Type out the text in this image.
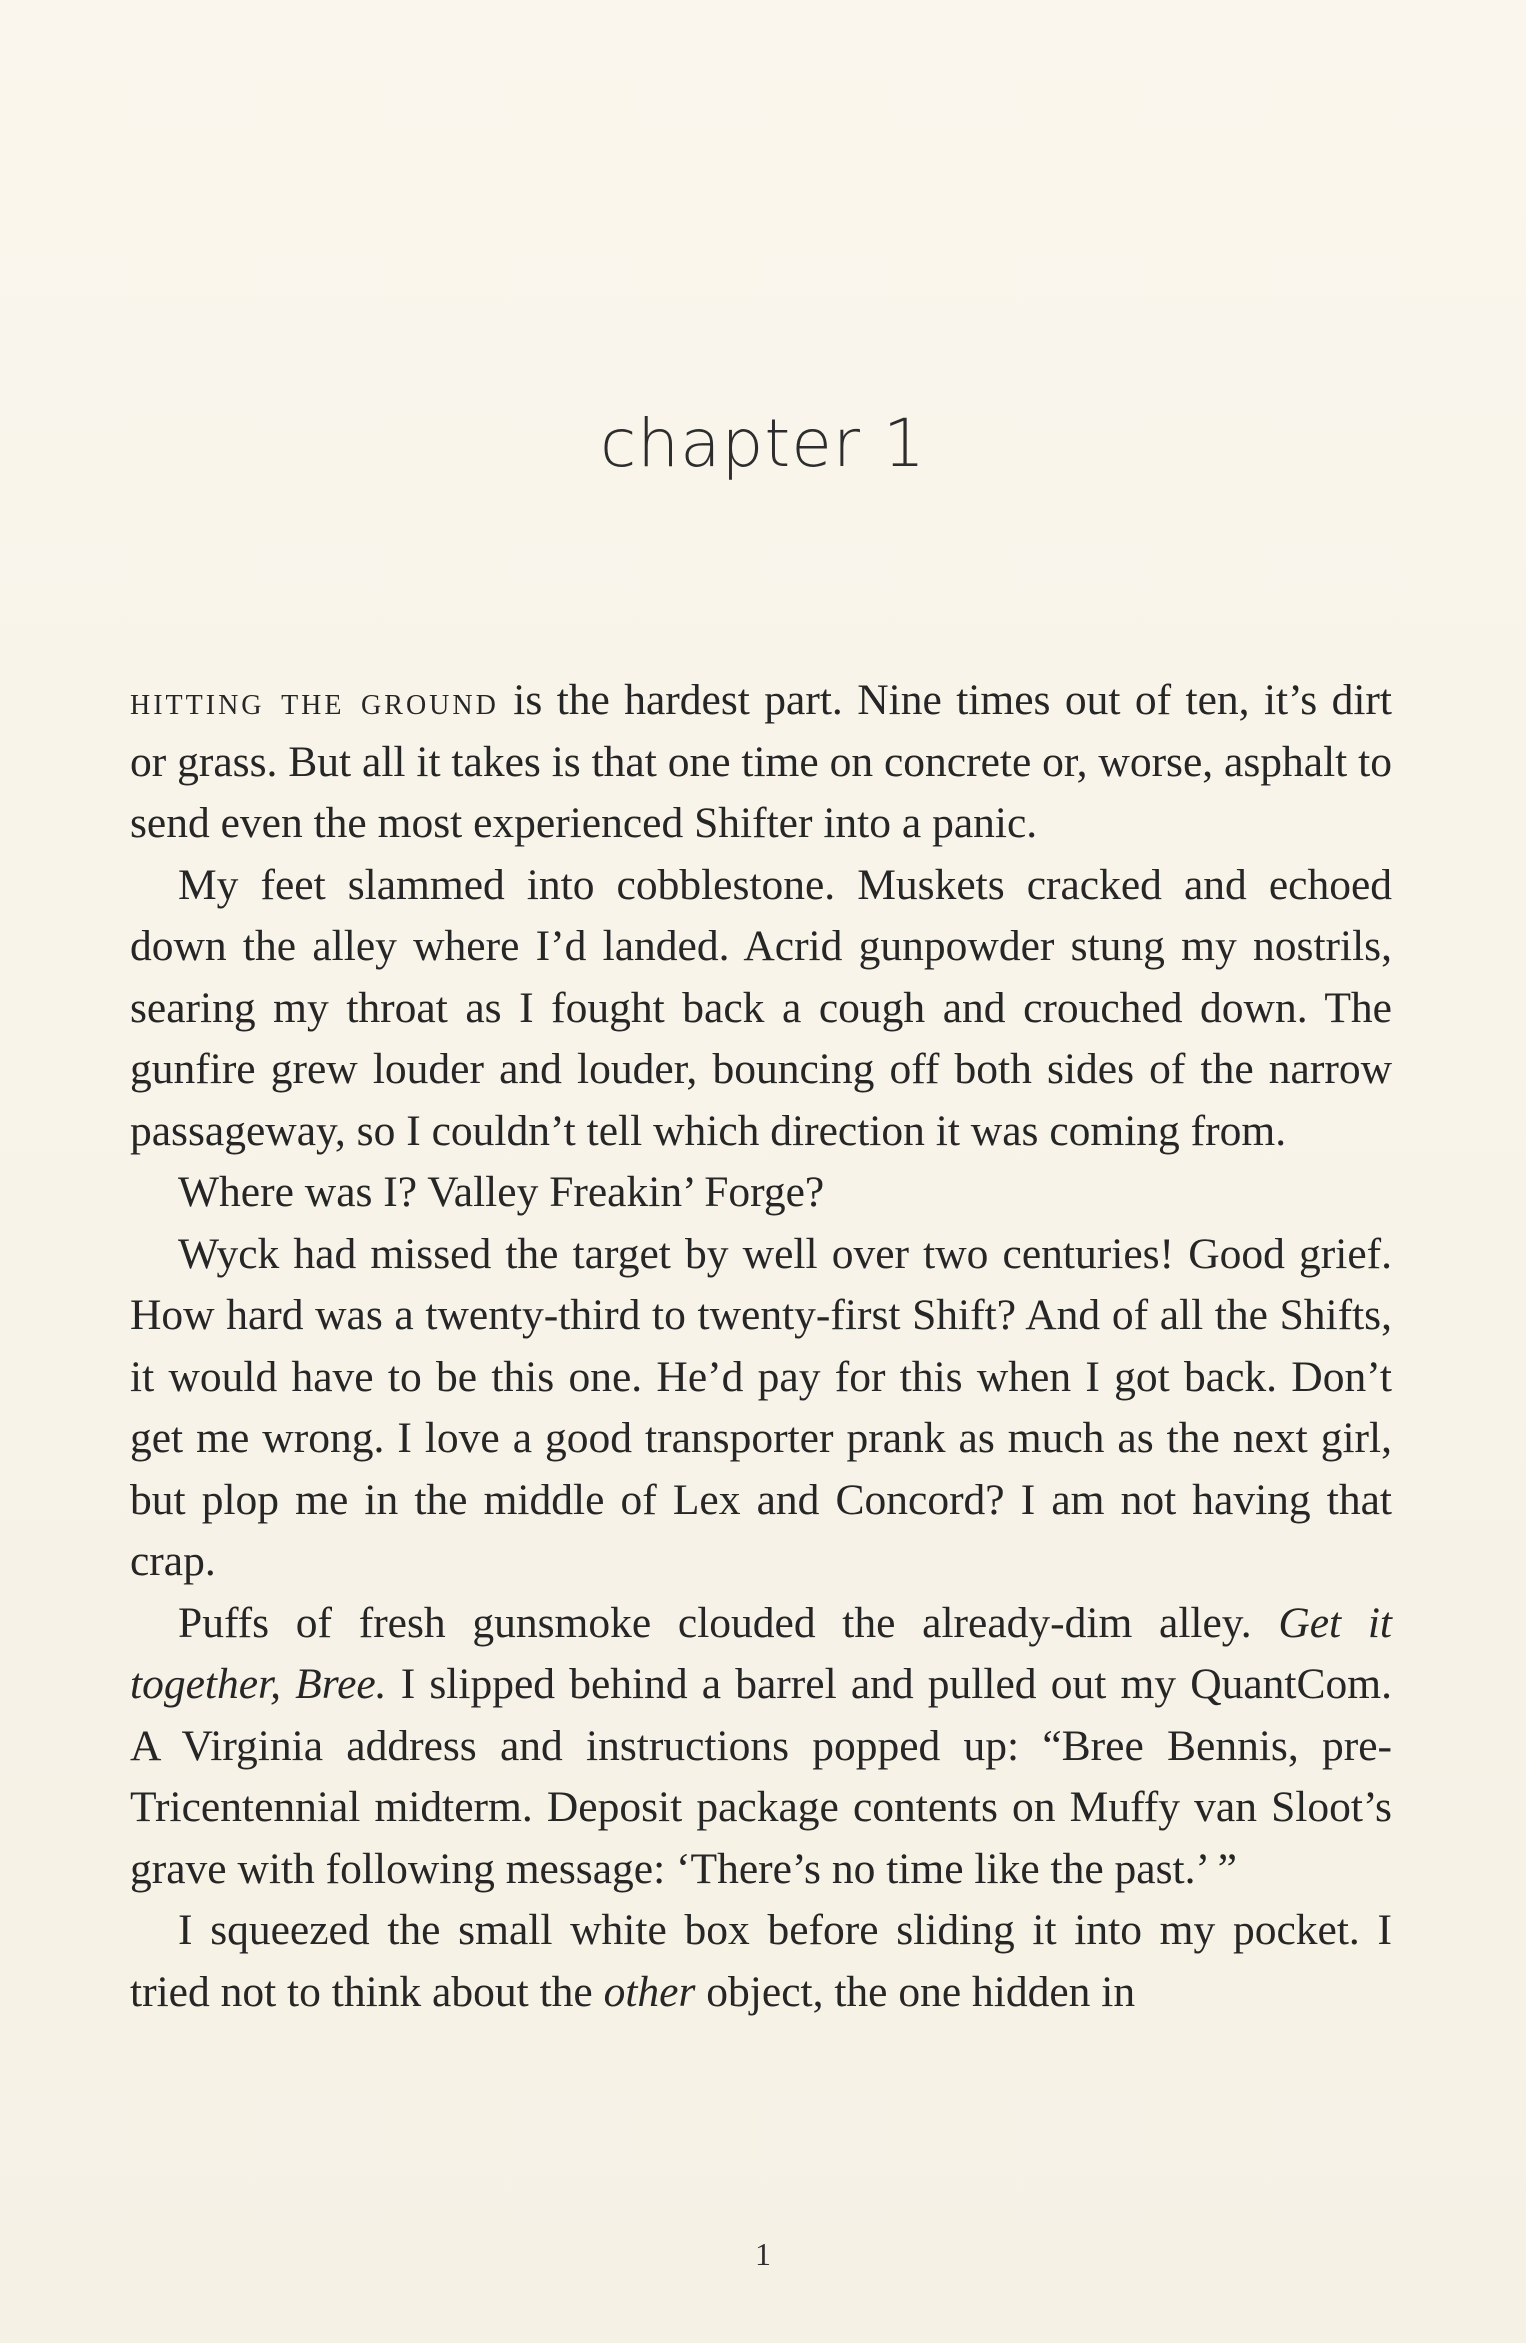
chapter 1

hitting the ground is the hardest part. Nine times out of ten, it’s dirt or grass. But all it takes is that one time on concrete or, worse, asphalt to send even the most experienced Shifter into a panic.

My feet slammed into cobblestone. Muskets cracked and echoed down the alley where I’d landed. Acrid gunpowder stung my nostrils, searing my throat as I fought back a cough and crouched down. The gunfire grew louder and louder, bouncing off both sides of the narrow passageway, so I couldn’t tell which direction it was coming from.

Where was I? Valley Freakin’ Forge?

Wyck had missed the target by well over two centuries! Good grief. How hard was a twenty-third to twenty-first Shift? And of all the Shifts, it would have to be this one. He’d pay for this when I got back. Don’t get me wrong. I love a good transporter prank as much as the next girl, but plop me in the middle of Lex and Concord? I am not having that crap.

Puffs of fresh gunsmoke clouded the already-dim alley. Get it together, Bree. I slipped behind a barrel and pulled out my QuantCom. A Virginia address and instructions popped up: “Bree Bennis, pre-Tricentennial midterm. Deposit package contents on Muffy van Sloot’s grave with following message: ‘There’s no time like the past.’ ”

I squeezed the small white box before sliding it into my pocket. I tried not to think about the other object, the one hidden in

1
